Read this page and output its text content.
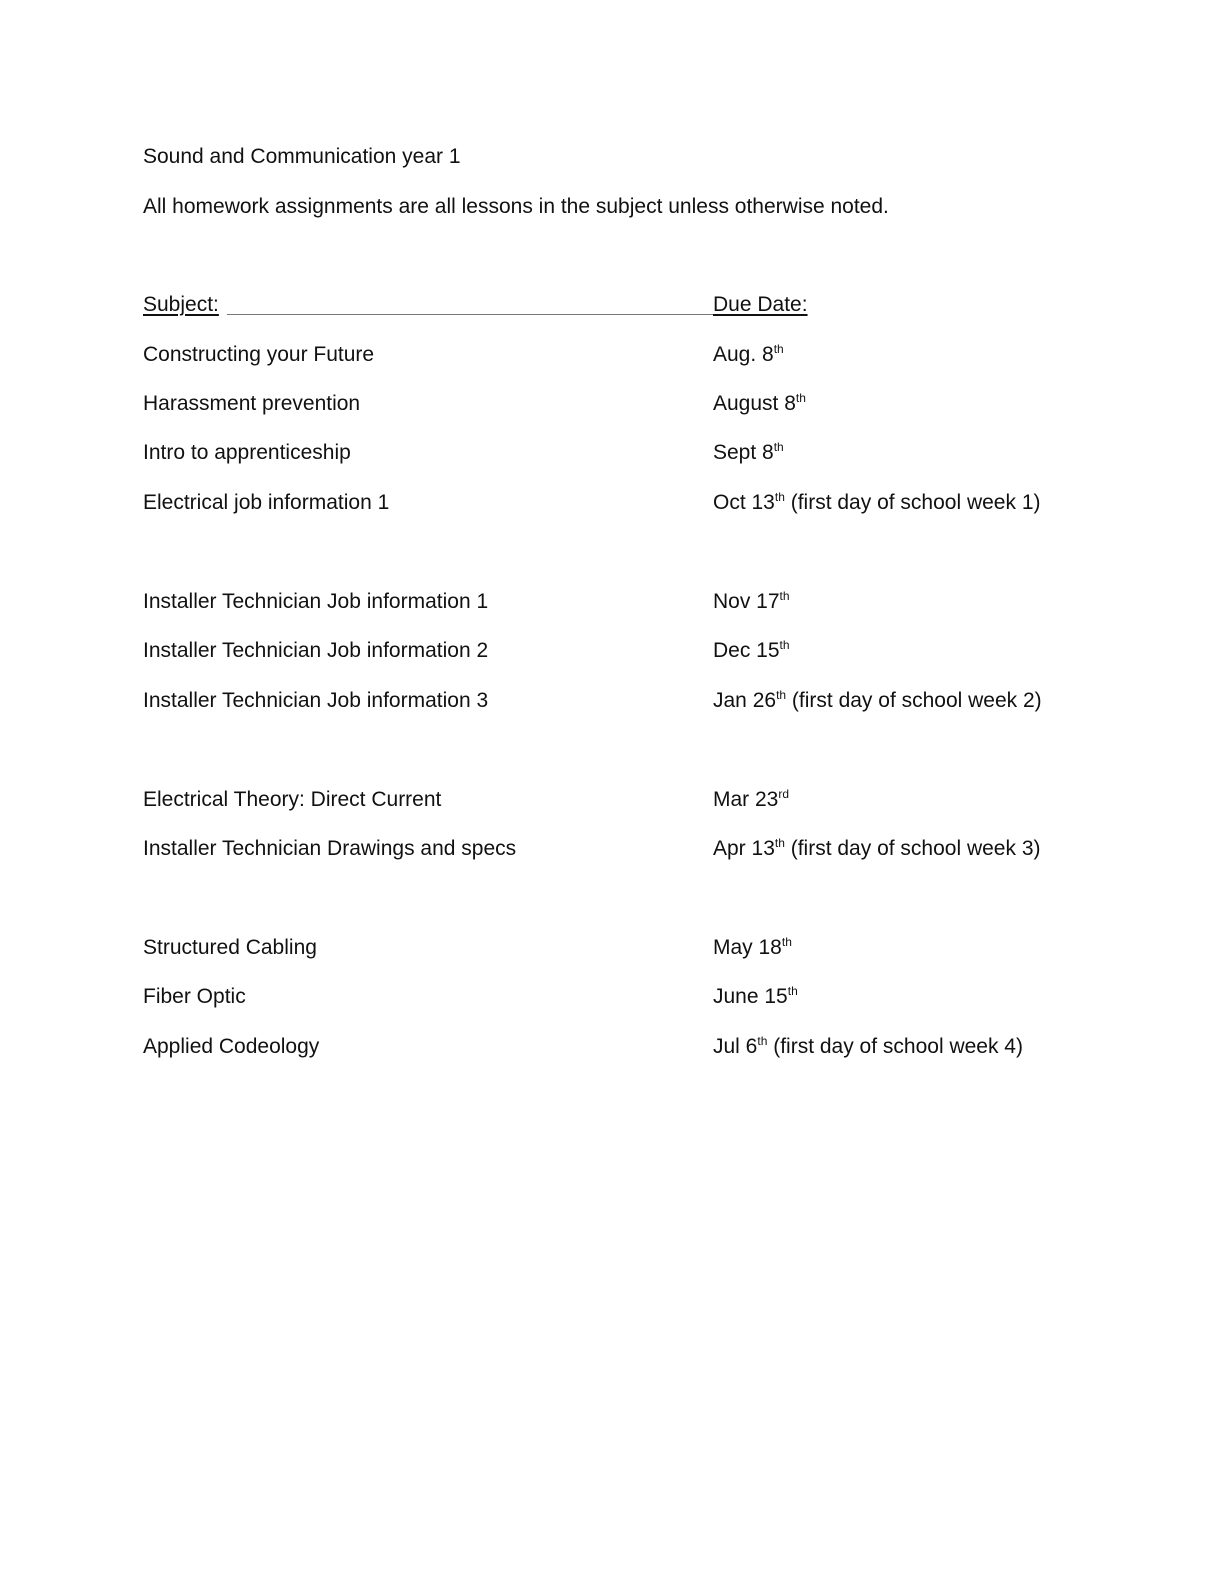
Sound and Communication year 1
All homework assignments are all lessons in the subject unless otherwise noted.
Subject:	Due Date:
Constructing your Future	Aug. 8th
Harassment prevention	August 8th
Intro to apprenticeship	Sept 8th
Electrical job information 1	Oct 13th (first day of school week 1)
Installer Technician Job information 1	Nov 17th
Installer Technician Job information 2	Dec 15th
Installer Technician Job information 3	Jan 26th (first day of school week 2)
Electrical Theory: Direct Current	Mar 23rd
Installer Technician Drawings and specs	Apr 13th (first day of school week 3)
Structured Cabling	May 18th
Fiber Optic	June 15th
Applied Codeology	Jul 6th (first day of school week 4)
